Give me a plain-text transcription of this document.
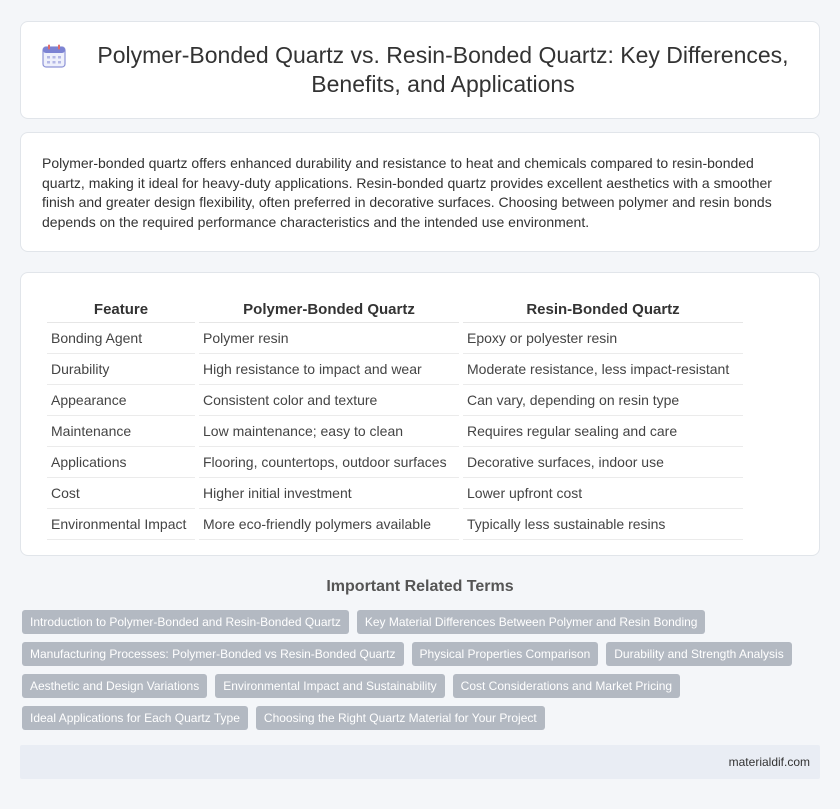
Polymer-Bonded Quartz vs. Resin-Bonded Quartz: Key Differences, Benefits, and Applications

Polymer-bonded quartz offers enhanced durability and resistance to heat and chemicals compared to resin-bonded quartz, making it ideal for heavy-duty applications. Resin-bonded quartz provides excellent aesthetics with a smoother finish and greater design flexibility, often preferred in decorative surfaces. Choosing between polymer and resin bonds depends on the required performance characteristics and the intended use environment.

Feature	Polymer-Bonded Quartz	Resin-Bonded Quartz
Bonding Agent	Polymer resin	Epoxy or polyester resin
Durability	High resistance to impact and wear	Moderate resistance, less impact-resistant
Appearance	Consistent color and texture	Can vary, depending on resin type
Maintenance	Low maintenance; easy to clean	Requires regular sealing and care
Applications	Flooring, countertops, outdoor surfaces	Decorative surfaces, indoor use
Cost	Higher initial investment	Lower upfront cost
Environmental Impact	More eco-friendly polymers available	Typically less sustainable resins
Important Related Terms
Introduction to Polymer-Bonded and Resin-Bonded Quartz	Key Material Differences Between Polymer and Resin Bonding
Manufacturing Processes: Polymer-Bonded vs Resin-Bonded Quartz	Physical Properties Comparison	Durability and Strength Analysis
Aesthetic and Design Variations	Environmental Impact and Sustainability	Cost Considerations and Market Pricing
Ideal Applications for Each Quartz Type	Choosing the Right Quartz Material for Your Project
materialdif.com
